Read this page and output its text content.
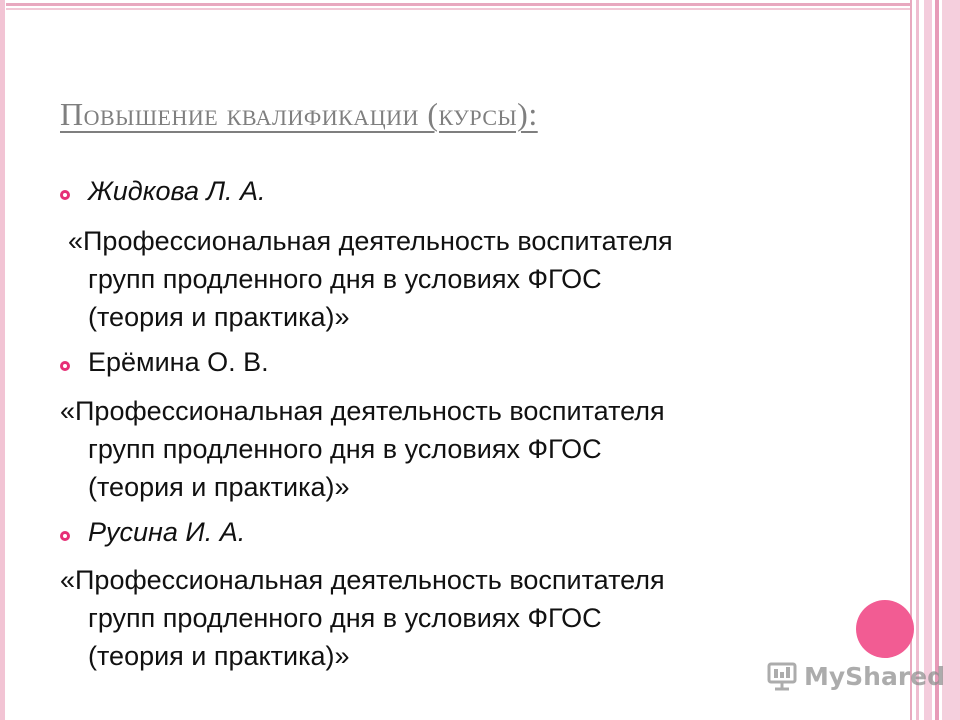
Повышение квалификации (курсы):
Жидкова Л. А.
«Профессиональная деятельность воспитателя
групп продленного дня в условиях ФГОС
(теория и практика)»
Ерёмина О. В.
«Профессиональная деятельность воспитателя
групп продленного дня в условиях ФГОС
(теория и практика)»
Русина И. А.
«Профессиональная деятельность воспитателя
групп продленного дня в условиях ФГОС
(теория и практика)»
MyShared
